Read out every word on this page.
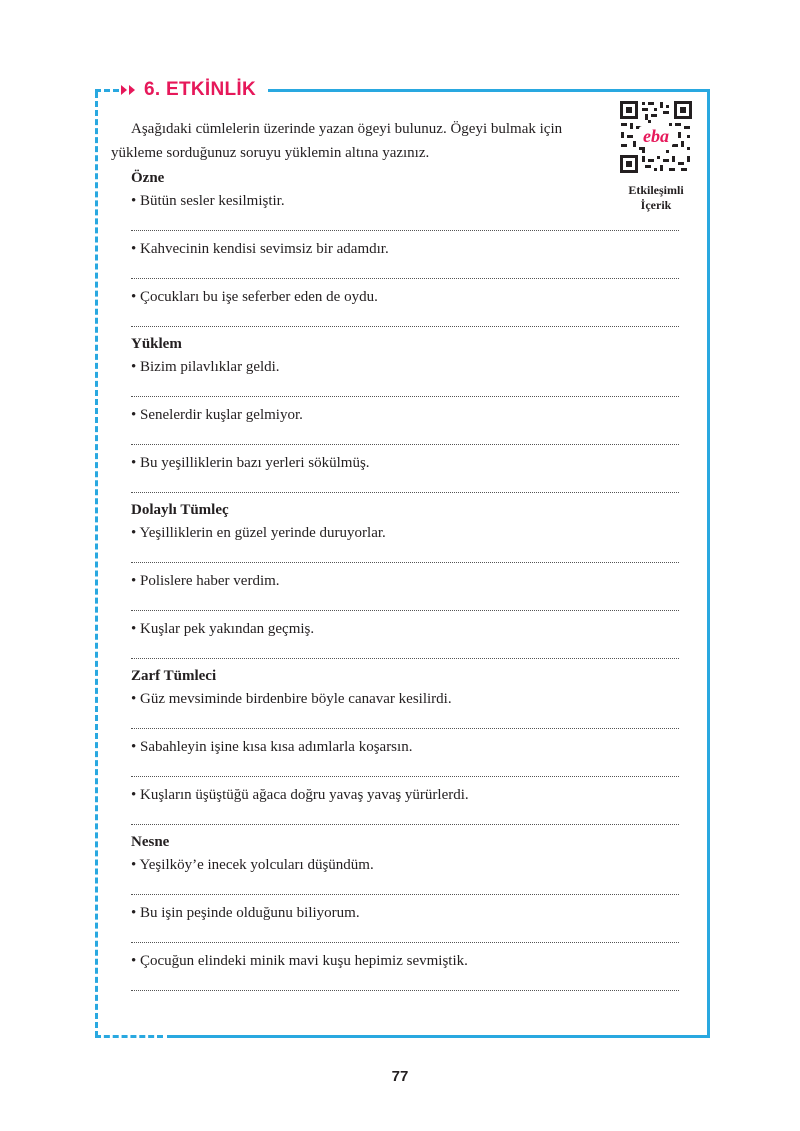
6. ETKİNLİK
Aşağıdaki cümlelerin üzerinde yazan ögeyi bulunuz. Ögeyi bulmak için yükleme sorduğunuz soruyu yüklemin altına yazınız.
eba
Etkileşimli
İçerik
Özne
• Bütün sesler kesilmiştir.
• Kahvecinin kendisi sevimsiz bir adamdır.
• Çocukları bu işe seferber eden de oydu.
Yüklem
• Bizim pilavlıklar geldi.
• Senelerdir kuşlar gelmiyor.
• Bu yeşilliklerin bazı yerleri sökülmüş.
Dolaylı Tümleç
• Yeşilliklerin en güzel yerinde duruyorlar.
• Polislere haber verdim.
• Kuşlar pek yakından geçmiş.
Zarf Tümleci
• Güz mevsiminde birdenbire böyle canavar kesilirdi.
• Sabahleyin işine kısa kısa adımlarla koşarsın.
• Kuşların üşüştüğü ağaca doğru yavaş yavaş yürürlerdi.
Nesne
• Yeşilköy’e inecek yolcuları düşündüm.
• Bu işin peşinde olduğunu biliyorum.
• Çocuğun elindeki minik mavi kuşu hepimiz sevmiştik.
77
